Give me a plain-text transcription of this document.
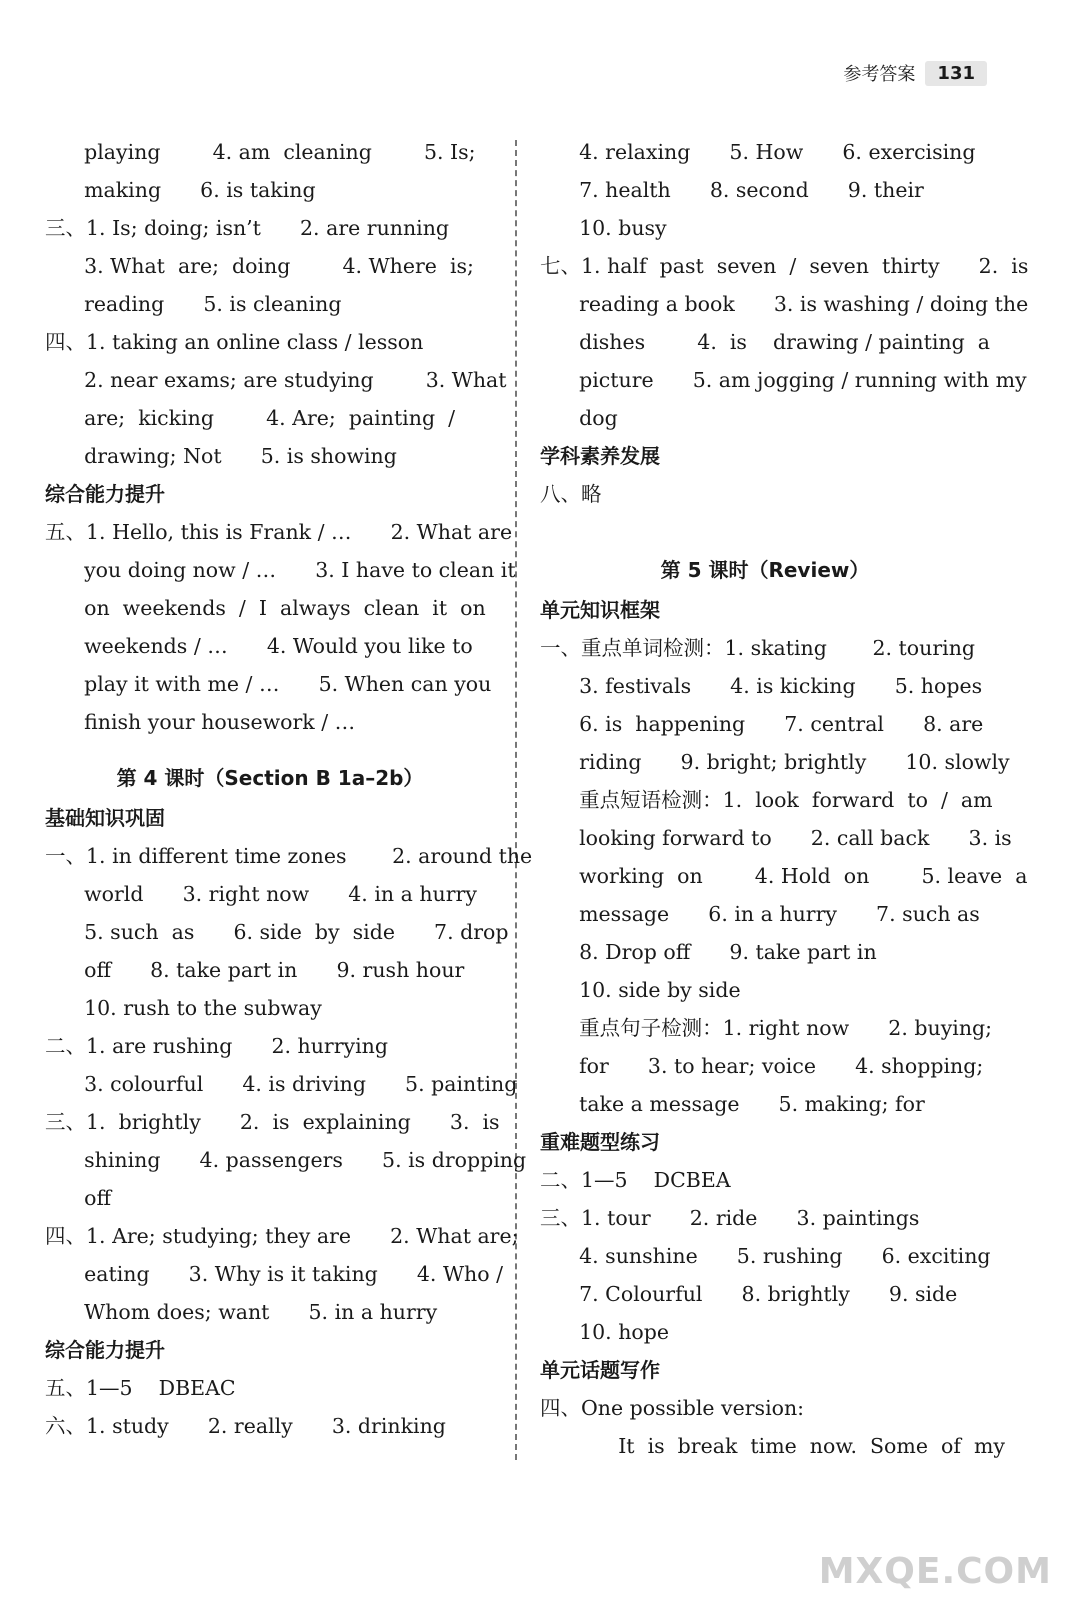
参考答案	131
playing        4. am  cleaning        5. Is;
making      6. is taking
三、1. Is; doing; isn’t      2. are running
3. What  are;  doing        4. Where  is;
reading      5. is cleaning
四、1. taking an online class / lesson
2. near exams; are studying        3. What
are;  kicking        4. Are;  painting  /
drawing; Not      5. is showing
综合能力提升
五、1. Hello, this is Frank / …      2. What are
you doing now / …      3. I have to clean it
on  weekends  /  I  always  clean  it  on
weekends / …      4. Would you like to
play it with me / …      5. When can you
finish your housework / …
第 4 课时（Section B 1a–2b）
基础知识巩固
一、1. in different time zones       2. around the
world      3. right now      4. in a hurry
5. such  as      6. side  by  side      7. drop
off      8. take part in      9. rush hour
10. rush to the subway
二、1. are rushing      2. hurrying
3. colourful      4. is driving      5. painting
三、1.  brightly      2.  is  explaining      3.  is
shining      4. passengers      5. is dropping
off
四、1. Are; studying; they are      2. What are;
eating      3. Why is it taking      4. Who /
Whom does; want      5. in a hurry
综合能力提升
五、1—5    DBEAC
六、1. study      2. really      3. drinking
4. relaxing      5. How      6. exercising
7. health      8. second      9. their
10. busy
七、1. half  past  seven  /  seven  thirty      2.  is
reading a book      3. is washing / doing the
dishes        4.  is    drawing / painting  a
picture      5. am jogging / running with my
dog
学科素养发展
八、略
第 5 课时（Review）
单元知识框架
一、重点单词检测：1. skating       2. touring
3. festivals      4. is kicking      5. hopes
6. is  happening      7. central      8. are
riding      9. bright; brightly      10. slowly
重点短语检测：1.  look  forward  to  /  am
looking forward to      2. call back      3. is
working  on        4. Hold  on        5. leave  a
message      6. in a hurry      7. such as
8. Drop off      9. take part in
10. side by side
重点句子检测：1. right now      2. buying;
for      3. to hear; voice      4. shopping;
take a message      5. making; for
重难题型练习
二、1—5    DCBEA
三、1. tour      2. ride      3. paintings
4. sunshine      5. rushing      6. exciting
7. Colourful      8. brightly      9. side
10. hope
单元话题写作
四、One possible version:
It  is  break  time  now.  Some  of  my
MXQE.COM
